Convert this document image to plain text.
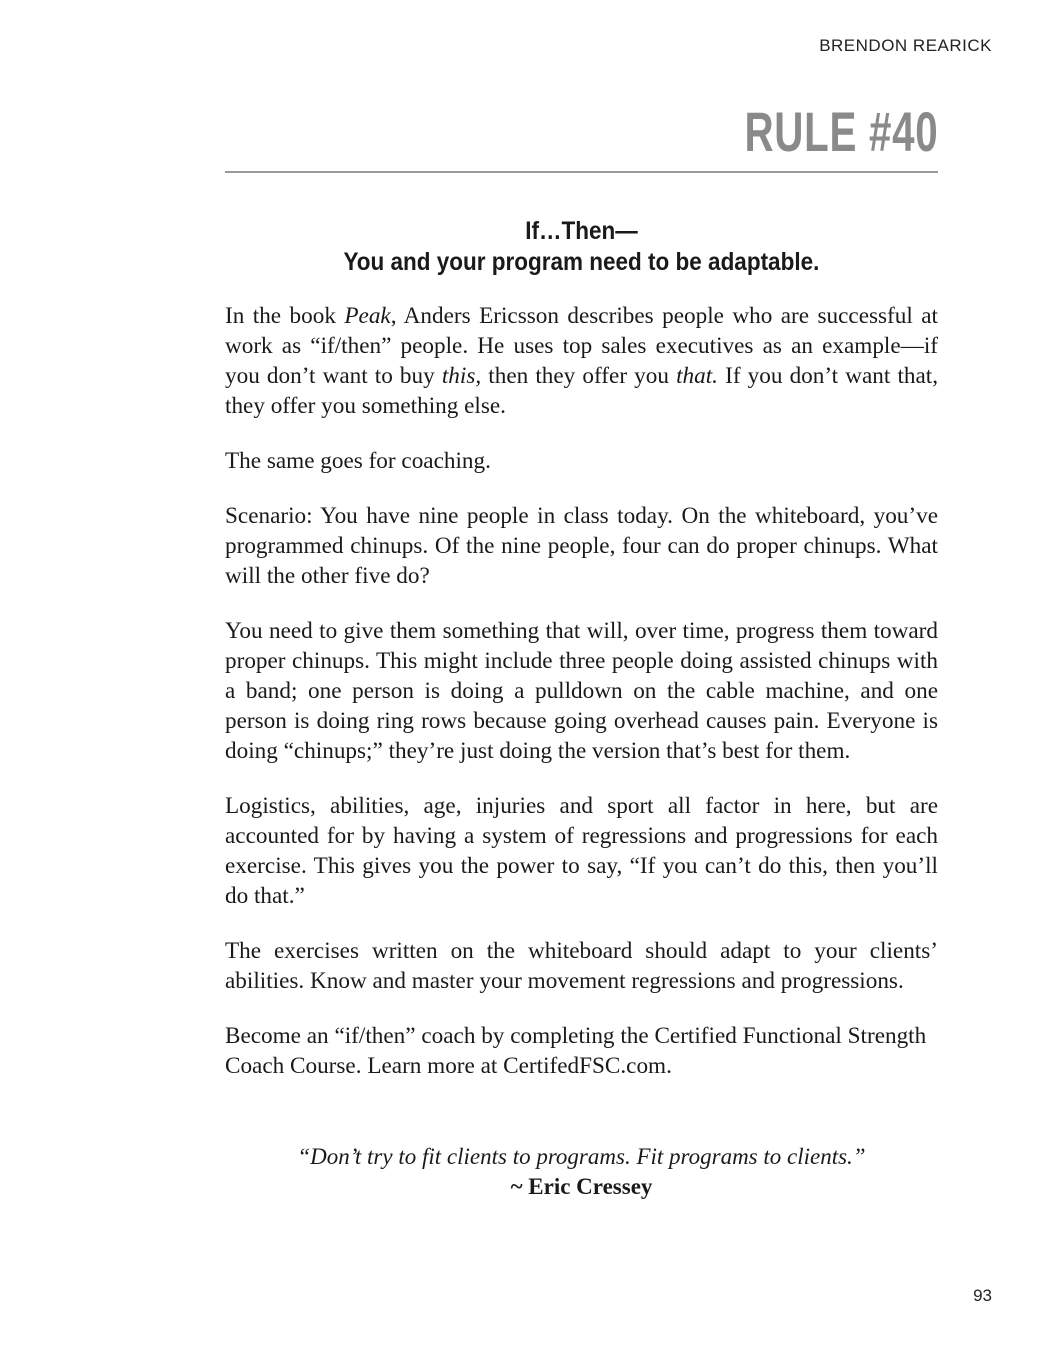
BRENDON REARICK
RULE #40
If…Then—
You and your program need to be adaptable.

In the book Peak, Anders Ericsson describes people who are successful at work as “if/then” people. He uses top sales executives as an example—if you don’t want to buy this, then they offer you that. If you don’t want that, they offer you something else.

The same goes for coaching.

Scenario: You have nine people in class today. On the whiteboard, you’ve programmed chinups. Of the nine people, four can do proper chinups. What will the other five do?

You need to give them something that will, over time, progress them toward proper chinups. This might include three people doing assisted chinups with a band; one person is doing a pulldown on the cable machine, and one person is doing ring rows because going overhead causes pain. Everyone is doing “chinups;” they’re just doing the version that’s best for them.

Logistics, abilities, age, injuries and sport all factor in here, but are accounted for by having a system of regressions and progressions for each exercise. This gives you the power to say, “If you can’t do this, then you’ll do that.”

The exercises written on the whiteboard should adapt to your clients’ abilities. Know and master your movement regressions and progressions.

Become an “if/then” coach by completing the Certified Functional Strength Coach Course. Learn more at CertifedFSC.com.

“Don’t try to fit clients to programs. Fit programs to clients.”
~ Eric Cressey
93
